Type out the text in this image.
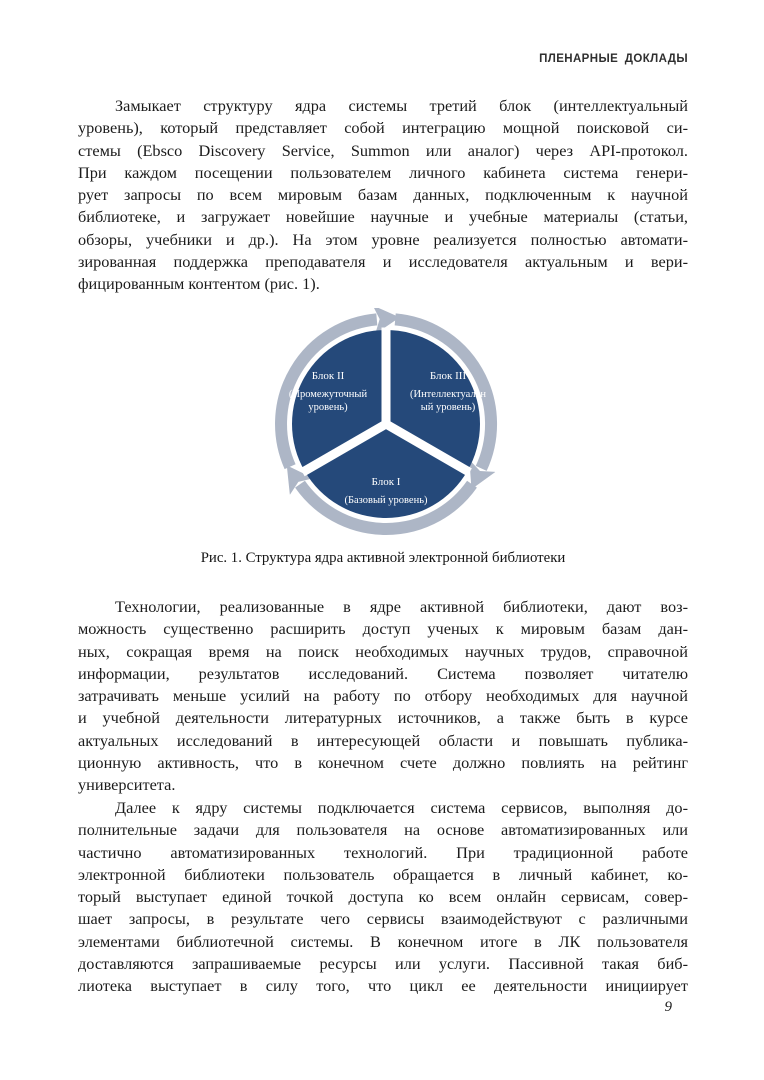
ПЛЕНАРНЫЕ ДОКЛАДЫ
Замыкает структуру ядра системы третий блок (интеллектуальный
уровень), который представляет собой интеграцию мощной поисковой си-
стемы (Ebsco Discovery Service, Summon или аналог) через API-протокол.
При каждом посещении пользователем личного кабинета система генери-
рует запросы по всем мировым базам данных, подключенным к научной
библиотеке, и загружает новейшие научные и учебные материалы (статьи,
обзоры, учебники и др.). На этом уровне реализуется полностью автомати-
зированная поддержка преподавателя и исследователя актуальным и вери-
фицированным контентом (рис. 1).
Блок II
(Промежуточный
уровень)
Блок III
(Интеллектуальн
ый уровень)
Блок I
(Базовый уровень)
Рис. 1. Структура ядра активной электронной библиотеки
Технологии, реализованные в ядре активной библиотеки, дают воз-
можность существенно расширить доступ ученых к мировым базам дан-
ных, сокращая время на поиск необходимых научных трудов, справочной
информации, результатов исследований. Система позволяет читателю
затрачивать меньше усилий на работу по отбору необходимых для научной
и учебной деятельности литературных источников, а также быть в курсе
актуальных исследований в интересующей области и повышать публика-
ционную активность, что в конечном счете должно повлиять на рейтинг
университета.
Далее к ядру системы подключается система сервисов, выполняя до-
полнительные задачи для пользователя на основе автоматизированных или
частично автоматизированных технологий. При традиционной работе
электронной библиотеки пользователь обращается в личный кабинет, ко-
торый выступает единой точкой доступа ко всем онлайн сервисам, совер-
шает запросы, в результате чего сервисы взаимодействуют с различными
элементами библиотечной системы. В конечном итоге в ЛК пользователя
доставляются запрашиваемые ресурсы или услуги. Пассивной такая биб-
лиотека выступает в силу того, что цикл ее деятельности инициирует
9
